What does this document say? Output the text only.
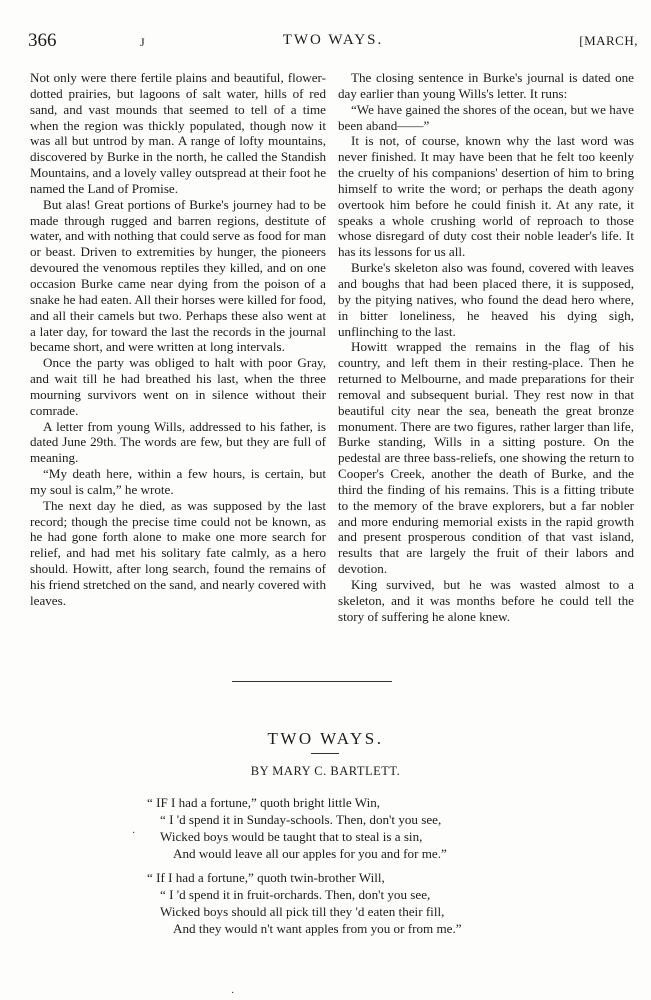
366	J	TWO WAYS.	[MARCH,

Not only were there fertile plains and beautiful, flower-dotted prairies, but lagoons of salt water, hills of red sand, and vast mounds that seemed to tell of a time when the region was thickly populated, though now it was all but untrod by man. A range of lofty mountains, discovered by Burke in the north, he called the Standish Mountains, and a lovely valley outspread at their foot he named the Land of Promise.

But alas! Great portions of Burke's journey had to be made through rugged and barren regions, destitute of water, and with nothing that could serve as food for man or beast. Driven to extremities by hunger, the pioneers devoured the venomous reptiles they killed, and on one occasion Burke came near dying from the poison of a snake he had eaten. All their horses were killed for food, and all their camels but two. Perhaps these also went at a later day, for toward the last the records in the journal became short, and were written at long intervals.

Once the party was obliged to halt with poor Gray, and wait till he had breathed his last, when the three mourning survivors went on in silence without their comrade.

A letter from young Wills, addressed to his father, is dated June 29th. The words are few, but they are full of meaning.

“My death here, within a few hours, is certain, but my soul is calm,” he wrote.

The next day he died, as was supposed by the last record; though the precise time could not be known, as he had gone forth alone to make one more search for relief, and had met his solitary fate calmly, as a hero should. Howitt, after long search, found the remains of his friend stretched on the sand, and nearly covered with leaves.

The closing sentence in Burke's journal is dated one day earlier than young Wills's letter. It runs:

“We have gained the shores of the ocean, but we have been aband——”

It is not, of course, known why the last word was never finished. It may have been that he felt too keenly the cruelty of his companions' desertion of him to bring himself to write the word; or perhaps the death agony overtook him before he could finish it. At any rate, it speaks a whole crushing world of reproach to those whose disregard of duty cost their noble leader's life. It has its lessons for us all.

Burke's skeleton also was found, covered with leaves and boughs that had been placed there, it is supposed, by the pitying natives, who found the dead hero where, in bitter loneliness, he heaved his dying sigh, unflinching to the last.

Howitt wrapped the remains in the flag of his country, and left them in their resting-place. Then he returned to Melbourne, and made preparations for their removal and subsequent burial. They rest now in that beautiful city near the sea, beneath the great bronze monument. There are two figures, rather larger than life, Burke standing, Wills in a sitting posture. On the pedestal are three bass-reliefs, one showing the return to Cooper's Creek, another the death of Burke, and the third the finding of his remains. This is a fitting tribute to the memory of the brave explorers, but a far nobler and more enduring memorial exists in the rapid growth and present prosperous condition of that vast island, results that are largely the fruit of their labors and devotion.

King survived, but he was wasted almost to a skeleton, and it was months before he could tell the story of suffering he alone knew.

TWO WAYS.
BY MARY C. BARTLETT.
“ IF I had a fortune,” quoth bright little Win,
“ I 'd spend it in Sunday-schools. Then, don't you see,
Wicked boys would be taught that to steal is a sin,
And would leave all our apples for you and for me.”
“ If I had a fortune,” quoth twin-brother Will,
“ I 'd spend it in fruit-orchards. Then, don't you see,
Wicked boys should all pick till they 'd eaten their fill,
And they would n't want apples from you or from me.”
·
·
